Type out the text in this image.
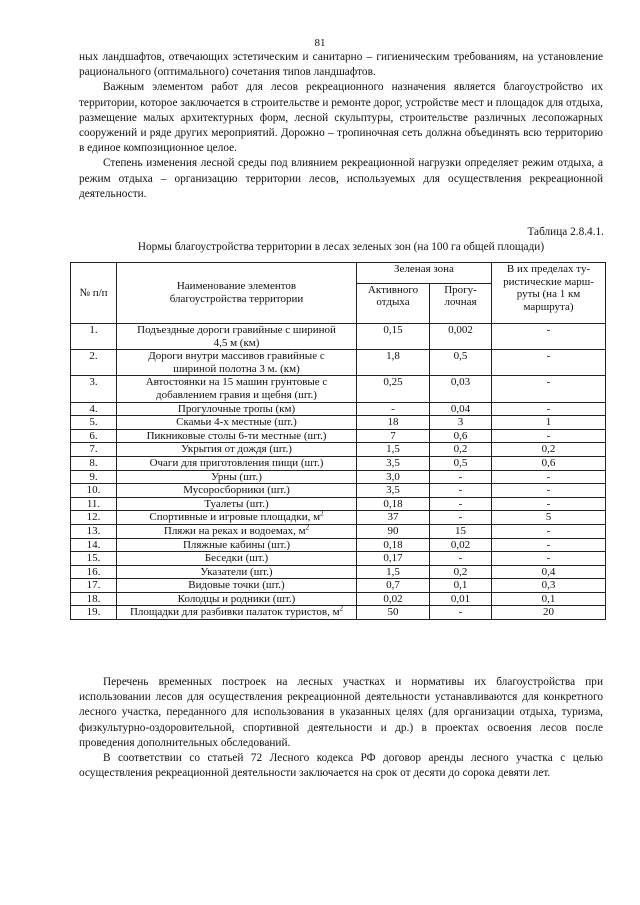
81

ных ландшафтов, отвечающих эстетическим и санитарно – гигиеническим требованиям, на установление рационального (оптимального) сочетания типов ландшафтов.

Важным элементом работ для лесов рекреационного назначения является благоустройство их территории, которое заключается в строительстве и ремонте дорог, устройстве мест и площадок для отдыха, размещение малых архитектурных форм, лесной скульптуры, строительстве различных лесопожарных сооружений и ряде других мероприятий. Дорожно – тропиночная сеть должна объединять всю территорию в единое композиционное целое.

Степень изменения лесной среды под влиянием рекреационной нагрузки определяет режим отдыха, а режим отдыха – организацию территории лесов, используемых для осуществления рекреационной деятельности.

Таблица 2.8.4.1.
Нормы благоустройства территории в лесах зеленых зон (на 100 га общей площади)
№ п/п	Наименование элементов благоустройства территории	Зеленая зона		В их пределах ту-ристические марш-руты (на 1 км маршрута)
		Активного отдыха	Прогу-лочная	
1.	Подъездные дороги гравийные с шириной 4,5 м (км)	0,15	0,002	-
2.	Дороги внутри массивов гравийные с шириной полотна 3 м. (км)	1,8	0,5	-
3.	Автостоянки на 15 машин грунтовые с добавлением гравия и щебня (шт.)	0,25	0,03	-
4.	Прогулочные тропы (км)	-	0,04	-
5.	Скамьи 4-х местные (шт.)	18	3	1
6.	Пикниковые столы 6-ти местные (шт.)	7	0,6	-
7.	Укрытия от дождя (шт.)	1,5	0,2	0,2
8.	Очаги для приготовления пищи (шт.)	3,5	0,5	0,6
9.	Урны (шт.)	3,0	-	-
10.	Мусоросборники (шт.)	3,5	-	-
11.	Туалеты (шт.)	0,18	-	-
12.	Спортивные и игровые площадки, $м^2$	37	-	5
13.	Пляжи на реках и водоемах, $м^2$	90	15	-
14.	Пляжные кабины (шт.)	0,18	0,02	-
15.	Беседки (шт.)	0,17	-	-
16.	Указатели (шт.)	1,5	0,2	0,4
17.	Видовые точки (шт.)	0,7	0,1	0,3
18.	Колодцы и родники (шт.)	0,02	0,01	0,1
19.	Площадки для разбивки палаток туристов, $м^2$	50	-	20

Перечень временных построек на лесных участках и нормативы их благоустройства при использовании лесов для осуществления рекреационной деятельности устанавливаются для конкретного лесного участка, переданного для использования в указанных целях (для организации отдыха, туризма, физкультурно-оздоровительной, спортивной деятельности и др.) в проектах освоения лесов после проведения дополнительных обследований.

В соответствии со статьей 72 Лесного кодекса РФ договор аренды лесного участка с целью осуществления рекреационной деятельности заключается на срок от десяти до сорока девяти лет.
